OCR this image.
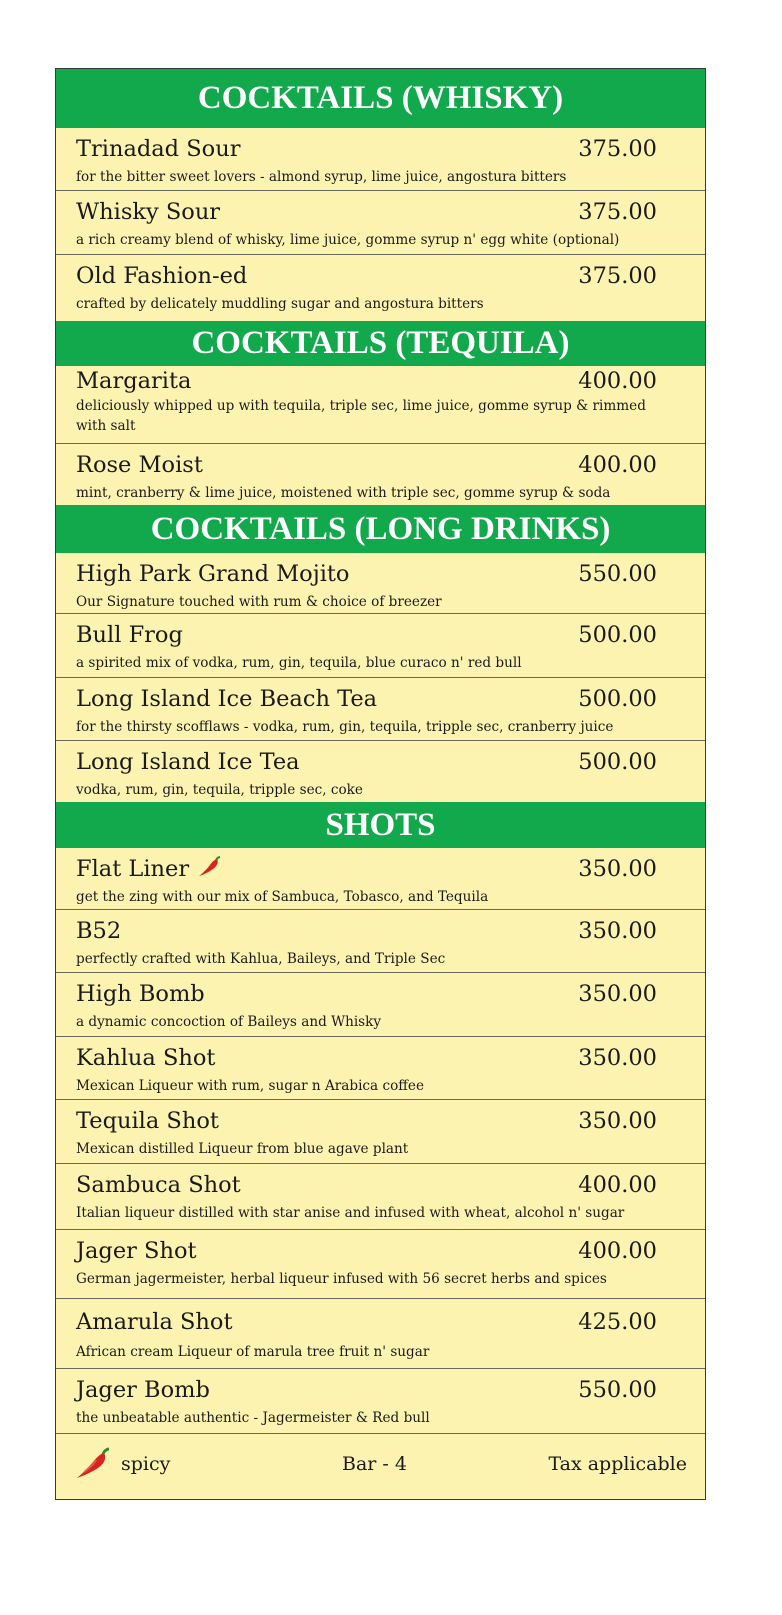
COCKTAILS (WHISKY)
Trinadad Sour	375.00
for the bitter sweet lovers - almond syrup, lime juice, angostura bitters
Whisky Sour	375.00
a rich creamy blend of whisky, lime juice, gomme syrup n' egg white (optional)
Old Fashion-ed	375.00
crafted by delicately muddling sugar and angostura bitters
COCKTAILS (TEQUILA)
Margarita	400.00
deliciously whipped up with tequila, triple sec, lime juice, gomme syrup & rimmed with salt
Rose Moist	400.00
mint, cranberry & lime juice, moistened with triple sec, gomme syrup & soda
COCKTAILS (LONG DRINKS)
High Park Grand Mojito	550.00
Our Signature touched with rum & choice of breezer
Bull Frog	500.00
a spirited mix of vodka, rum, gin, tequila, blue curaco n' red bull
Long Island Ice Beach Tea	500.00
for the thirsty scofflaws - vodka, rum, gin, tequila, tripple sec, cranberry juice
Long Island Ice Tea	500.00
vodka, rum, gin, tequila, tripple sec, coke
SHOTS
Flat Liner	350.00
get the zing with our mix of Sambuca, Tobasco, and Tequila
B52	350.00
perfectly crafted with Kahlua, Baileys, and Triple Sec
High Bomb	350.00
a dynamic concoction of Baileys and Whisky
Kahlua Shot	350.00
Mexican Liqueur with rum, sugar n Arabica coffee
Tequila Shot	350.00
Mexican distilled Liqueur from blue agave plant
Sambuca Shot	400.00
Italian liqueur distilled with star anise and infused with wheat, alcohol n' sugar
Jager Shot	400.00
German jagermeister, herbal liqueur infused with 56 secret herbs and spices
Amarula Shot	425.00
African cream Liqueur of marula tree fruit n' sugar
Jager Bomb	550.00
the unbeatable authentic - Jagermeister & Red bull
spicy	Bar - 4	Tax applicable
